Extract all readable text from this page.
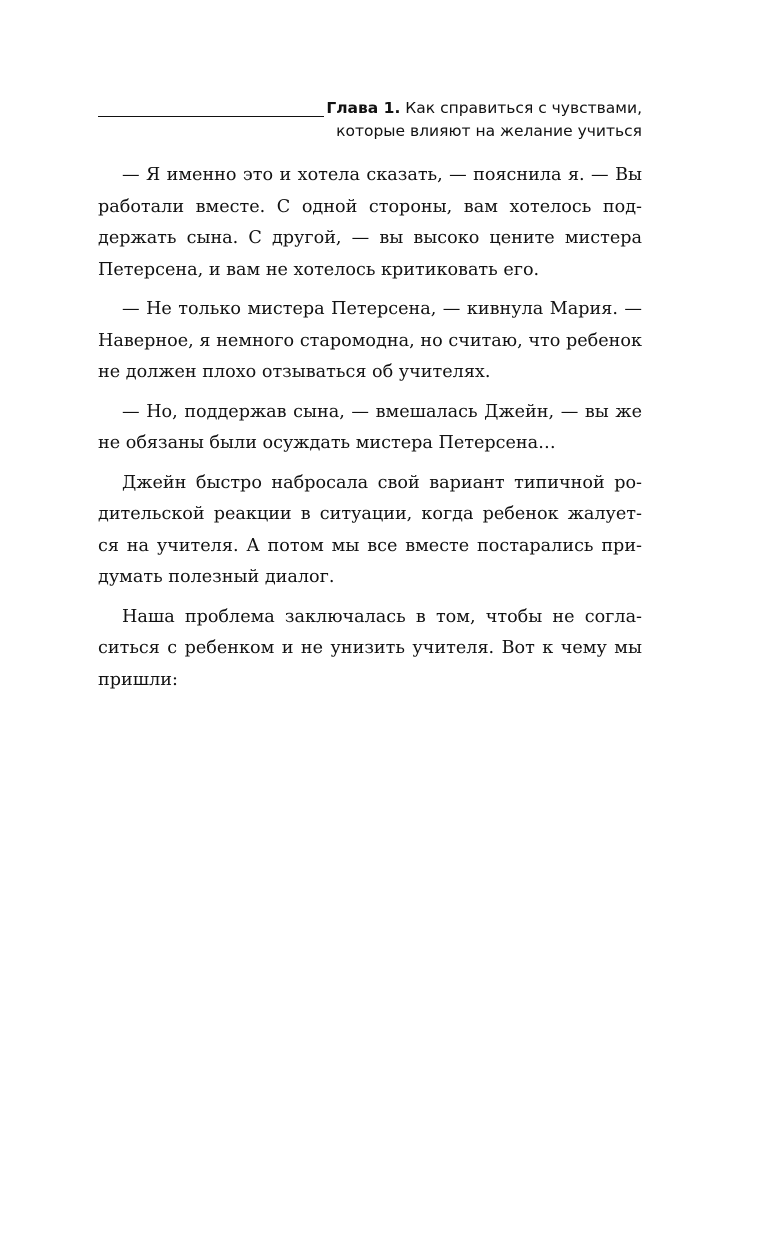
Глава 1. Как справиться с чувствами,
которые влияют на желание учиться
— Я именно это и хотела сказать, — пояснила я. — Вы
работали вместе. С одной стороны, вам хотелось под-
держать сына. С другой, — вы высоко цените мистера
Петерсена, и вам не хотелось критиковать его.
— Не только мистера Петерсена, — кивнула Мария. —
Наверное, я немного старомодна, но считаю, что ребенок
не должен плохо отзываться об учителях.
— Но, поддержав сына, — вмешалась Джейн, — вы же
не обязаны были осуждать мистера Петерсена…
Джейн быстро набросала свой вариант типичной ро-
дительской реакции в ситуации, когда ребенок жалует-
ся на учителя. А потом мы все вместе постарались при-
думать полезный диалог.
Наша проблема заключалась в том, чтобы не согла-
ситься с ребенком и не унизить учителя. Вот к чему мы
пришли:
